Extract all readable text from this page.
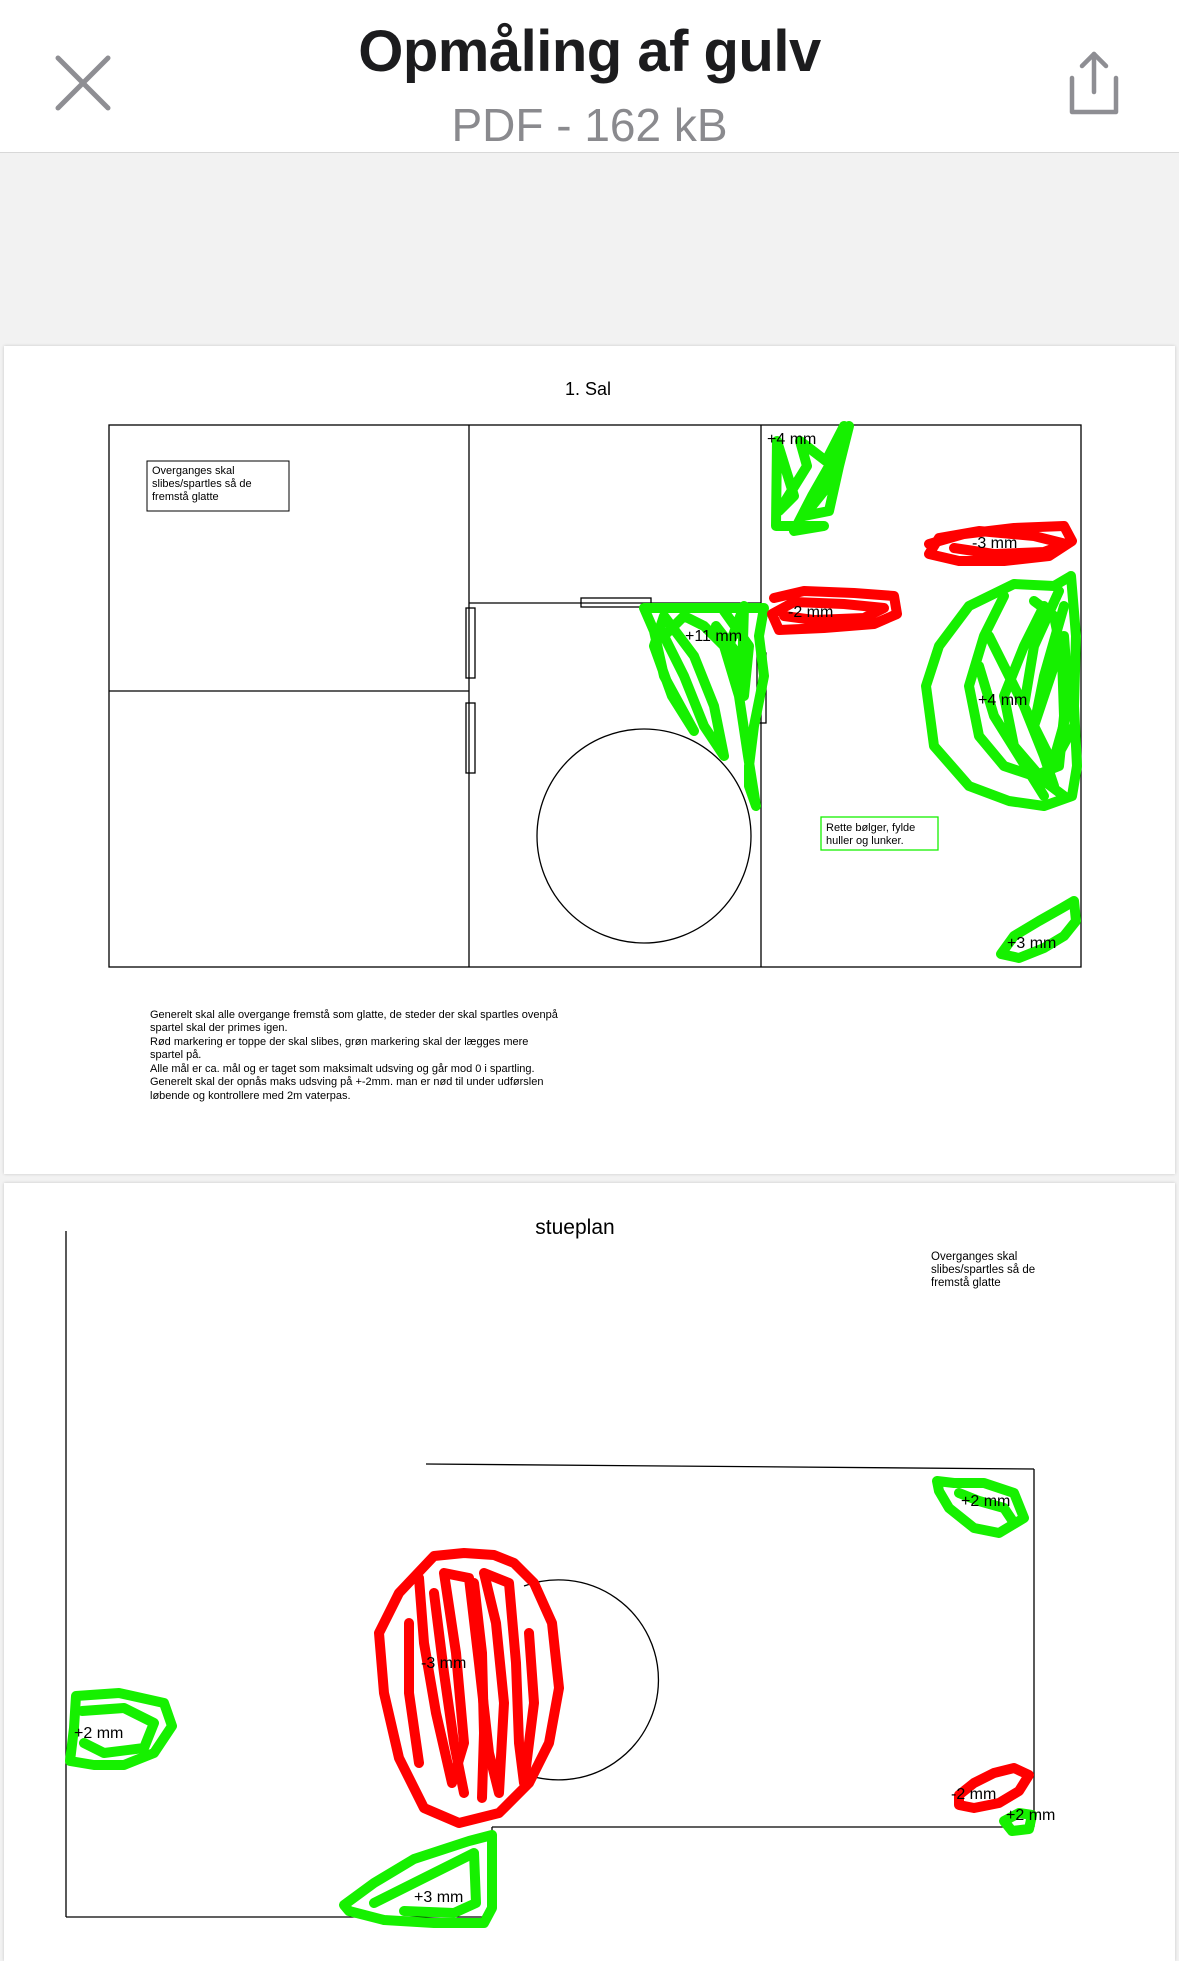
Opmåling af gulv
PDF - 162 kB
1. Sal
Overganges skal slibes/spartles så de fremstå glatte
Rette bølger, fylde huller og lunker.
+4 mm
-3 mm
-2 mm
+11 mm
+4 mm
+3 mm
Generelt skal alle overgange fremstå som glatte, de steder der skal spartles ovenpå spartel skal der primes igen. Rød markering er toppe der skal slibes, grøn markering skal der lægges mere spartel på. Alle mål er ca. mål og er taget som maksimalt udsving og går mod 0 i spartling. Generelt skal der opnås maks udsving på +-2mm. man er nød til under udførslen løbende og kontrollere med 2m vaterpas.
stueplan
Overganges skal slibes/spartles så de fremstå glatte
+2 mm
-3 mm
+2 mm
-2 mm
+2 mm
+3 mm
